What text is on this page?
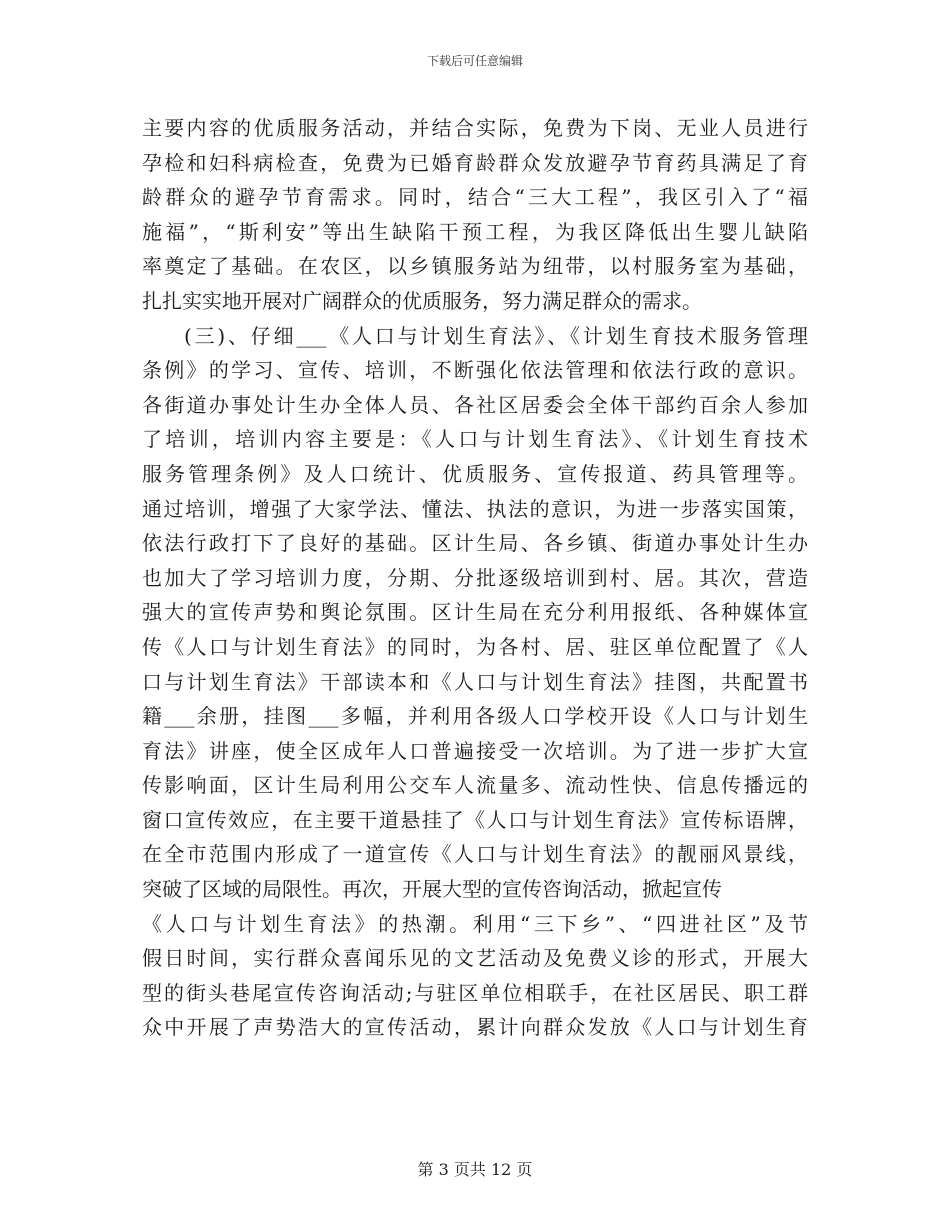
下载后可任意编辑
主要内容的优质服务活动，并结合实际，免费为下岗、无业人员进行
孕检和妇科病检查，免费为已婚育龄群众发放避孕节育药具满足了育
龄群众的避孕节育需求。同时，结合“三大工程”，我区引入了“福
施福”，“斯利安”等出生缺陷干预工程，为我区降低出生婴儿缺陷
率奠定了基础。在农区，以乡镇服务站为纽带，以村服务室为基础，
扎扎实实地开展对广阔群众的优质服务，努力满足群众的需求。
(三)、仔细___《人口与计划生育法》、《计划生育技术服务管理
条例》的学习、宣传、培训，不断强化依法管理和依法行政的意识。
各街道办事处计生办全体人员、各社区居委会全体干部约百余人参加
了培训，培训内容主要是：《人口与计划生育法》、《计划生育技术
服务管理条例》及人口统计、优质服务、宣传报道、药具管理等。
通过培训，增强了大家学法、懂法、执法的意识，为进一步落实国策，
依法行政打下了良好的基础。区计生局、各乡镇、街道办事处计生办
也加大了学习培训力度，分期、分批逐级培训到村、居。其次，营造
强大的宣传声势和舆论氛围。区计生局在充分利用报纸、各种媒体宣
传《人口与计划生育法》的同时，为各村、居、驻区单位配置了《人
口与计划生育法》干部读本和《人口与计划生育法》挂图，共配置书
籍___余册，挂图___多幅，并利用各级人口学校开设《人口与计划生
育法》讲座，使全区成年人口普遍接受一次培训。为了进一步扩大宣
传影响面，区计生局利用公交车人流量多、流动性快、信息传播远的
窗口宣传效应，在主要干道悬挂了《人口与计划生育法》宣传标语牌，
在全市范围内形成了一道宣传《人口与计划生育法》的靓丽风景线，
突破了区域的局限性。再次，开展大型的宣传咨询活动，掀起宣传
《人口与计划生育法》的热潮。利用“三下乡”、“四进社区”及节
假日时间，实行群众喜闻乐见的文艺活动及免费义诊的形式，开展大
型的街头巷尾宣传咨询活动;与驻区单位相联手，在社区居民、职工群
众中开展了声势浩大的宣传活动，累计向群众发放《人口与计划生育
第 3 页共 12 页
